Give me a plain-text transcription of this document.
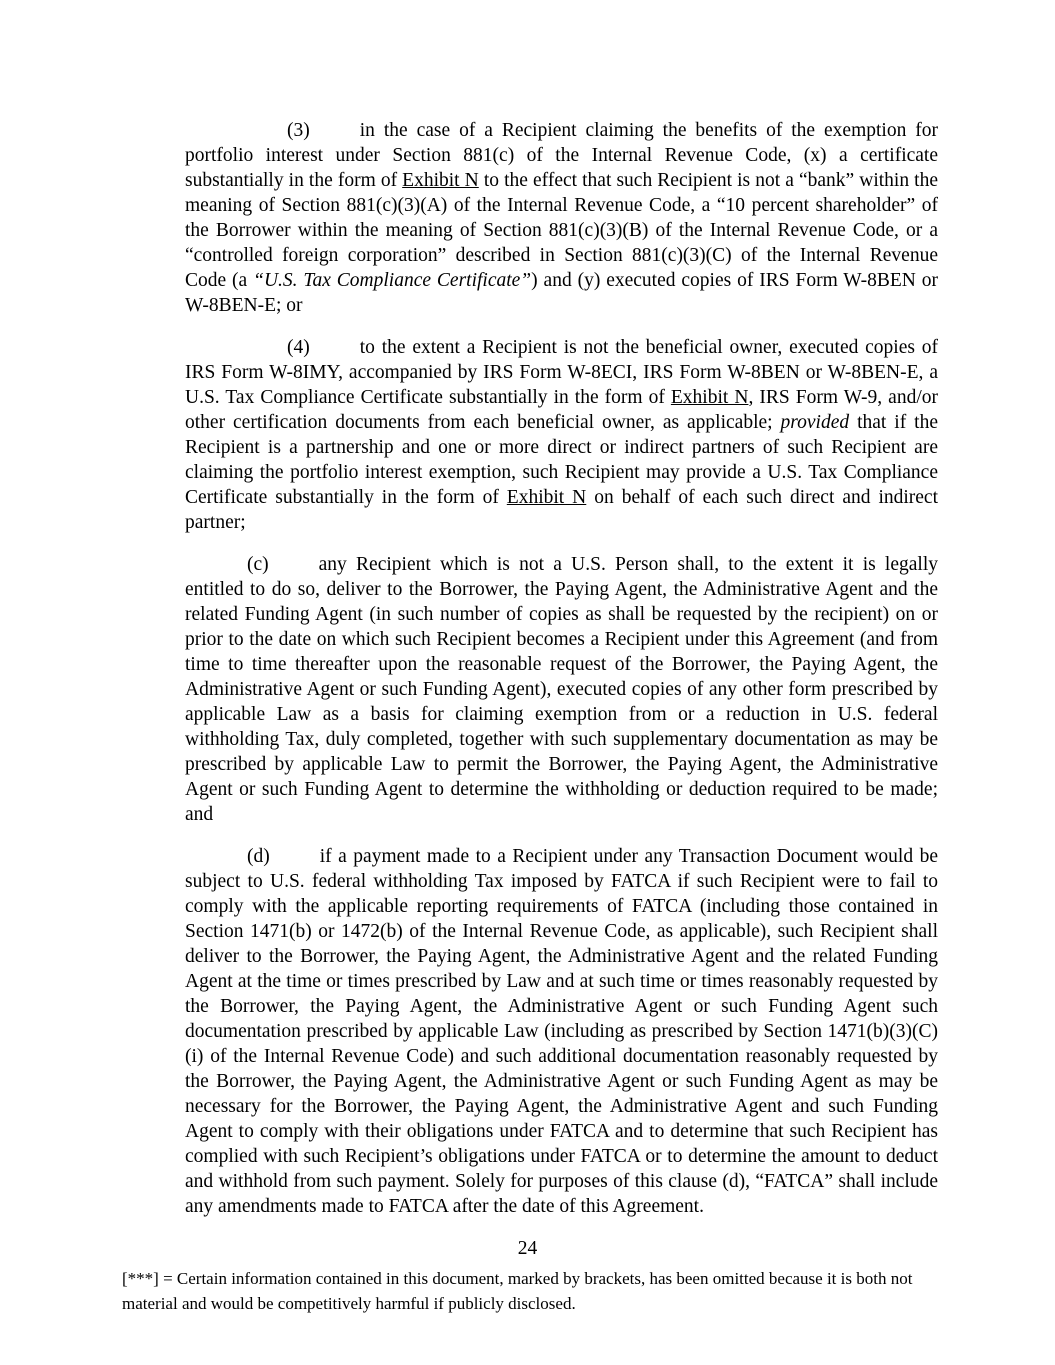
(3)	in the case of a Recipient claiming the benefits of the exemption for portfolio interest under Section 881(c) of the Internal Revenue Code, (x) a certificate substantially in the form of Exhibit N to the effect that such Recipient is not a “bank” within the meaning of Section 881(c)(3)(A) of the Internal Revenue Code, a “10 percent shareholder” of the Borrower within the meaning of Section 881(c)(3)(B) of the Internal Revenue Code, or a “controlled foreign corporation” described in Section 881(c)(3)(C) of the Internal Revenue Code (a “U.S. Tax Compliance Certificate”) and (y) executed copies of IRS Form W-8BEN or W-8BEN-E; or

(4)	to the extent a Recipient is not the beneficial owner, executed copies of IRS Form W-8IMY, accompanied by IRS Form W-8ECI, IRS Form W-8BEN or W-8BEN-E, a U.S. Tax Compliance Certificate substantially in the form of Exhibit N, IRS Form W-9, and/or other certification documents from each beneficial owner, as applicable; provided that if the Recipient is a partnership and one or more direct or indirect partners of such Recipient are claiming the portfolio interest exemption, such Recipient may provide a U.S. Tax Compliance Certificate substantially in the form of Exhibit N on behalf of each such direct and indirect partner;

(c)	any Recipient which is not a U.S. Person shall, to the extent it is legally entitled to do so, deliver to the Borrower, the Paying Agent, the Administrative Agent and the related Funding Agent (in such number of copies as shall be requested by the recipient) on or prior to the date on which such Recipient becomes a Recipient under this Agreement (and from time to time thereafter upon the reasonable request of the Borrower, the Paying Agent, the Administrative Agent or such Funding Agent), executed copies of any other form prescribed by applicable Law as a basis for claiming exemption from or a reduction in U.S. federal withholding Tax, duly completed, together with such supplementary documentation as may be prescribed by applicable Law to permit the Borrower, the Paying Agent, the Administrative Agent or such Funding Agent to determine the withholding or deduction required to be made; and

(d)	if a payment made to a Recipient under any Transaction Document would be subject to U.S. federal withholding Tax imposed by FATCA if such Recipient were to fail to comply with the applicable reporting requirements of FATCA (including those contained in Section 1471(b) or 1472(b) of the Internal Revenue Code, as applicable), such Recipient shall deliver to the Borrower, the Paying Agent, the Administrative Agent and the related Funding Agent at the time or times prescribed by Law and at such time or times reasonably requested by the Borrower, the Paying Agent, the Administrative Agent or such Funding Agent such documentation prescribed by applicable Law (including as prescribed by Section 1471(b)(3)(C)(i) of the Internal Revenue Code) and such additional documentation reasonably requested by the Borrower, the Paying Agent, the Administrative Agent or such Funding Agent as may be necessary for the Borrower, the Paying Agent, the Administrative Agent and such Funding Agent to comply with their obligations under FATCA and to determine that such Recipient has complied with such Recipient’s obligations under FATCA or to determine the amount to deduct and withhold from such payment. Solely for purposes of this clause (d), “FATCA” shall include any amendments made to FATCA after the date of this Agreement.

24
[***] = Certain information contained in this document, marked by brackets, has been omitted because it is both not material and would be competitively harmful if publicly disclosed.
